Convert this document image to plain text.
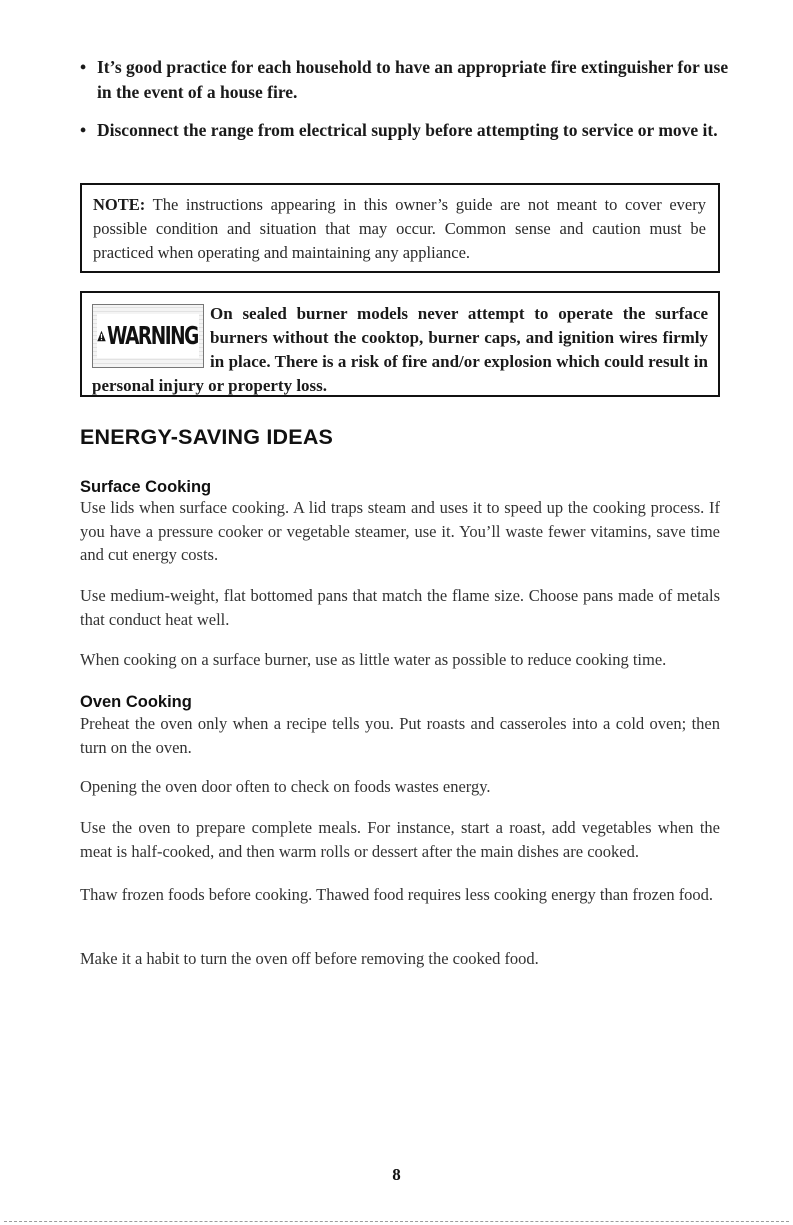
• It’s good practice for each household to have an appropriate fire extinguisher for use in the event of a house fire.
• Disconnect the range from electrical supply before attempting to service or move it.
NOTE: The instructions appearing in this owner’s guide are not meant to cover every possible condition and situation that may occur. Common sense and caution must be practiced when operating and maintaining any appliance.
WARNING
On sealed burner models never attempt to operate the surface burners without the cooktop, burner caps, and ignition wires firmly in place. There is a risk of fire and/or explosion which could result in personal injury or property loss.
ENERGY-SAVING IDEAS
Surface Cooking

Use lids when surface cooking. A lid traps steam and uses it to speed up the cooking process. If you have a pressure cooker or vegetable steamer, use it. You’ll waste fewer vitamins, save time and cut energy costs.

Use medium-weight, flat bottomed pans that match the flame size. Choose pans made of metals that conduct heat well.

When cooking on a surface burner, use as little water as possible to reduce cooking time.

Oven Cooking

Preheat the oven only when a recipe tells you. Put roasts and casseroles into a cold oven; then turn on the oven.

Opening the oven door often to check on foods wastes energy.

Use the oven to prepare complete meals. For instance, start a roast, add vegetables when the meat is half-cooked, and then warm rolls or dessert after the main dishes are cooked.

Thaw frozen foods before cooking. Thawed food requires less cooking energy than frozen food.

Make it a habit to turn the oven off before removing the cooked food.

8
